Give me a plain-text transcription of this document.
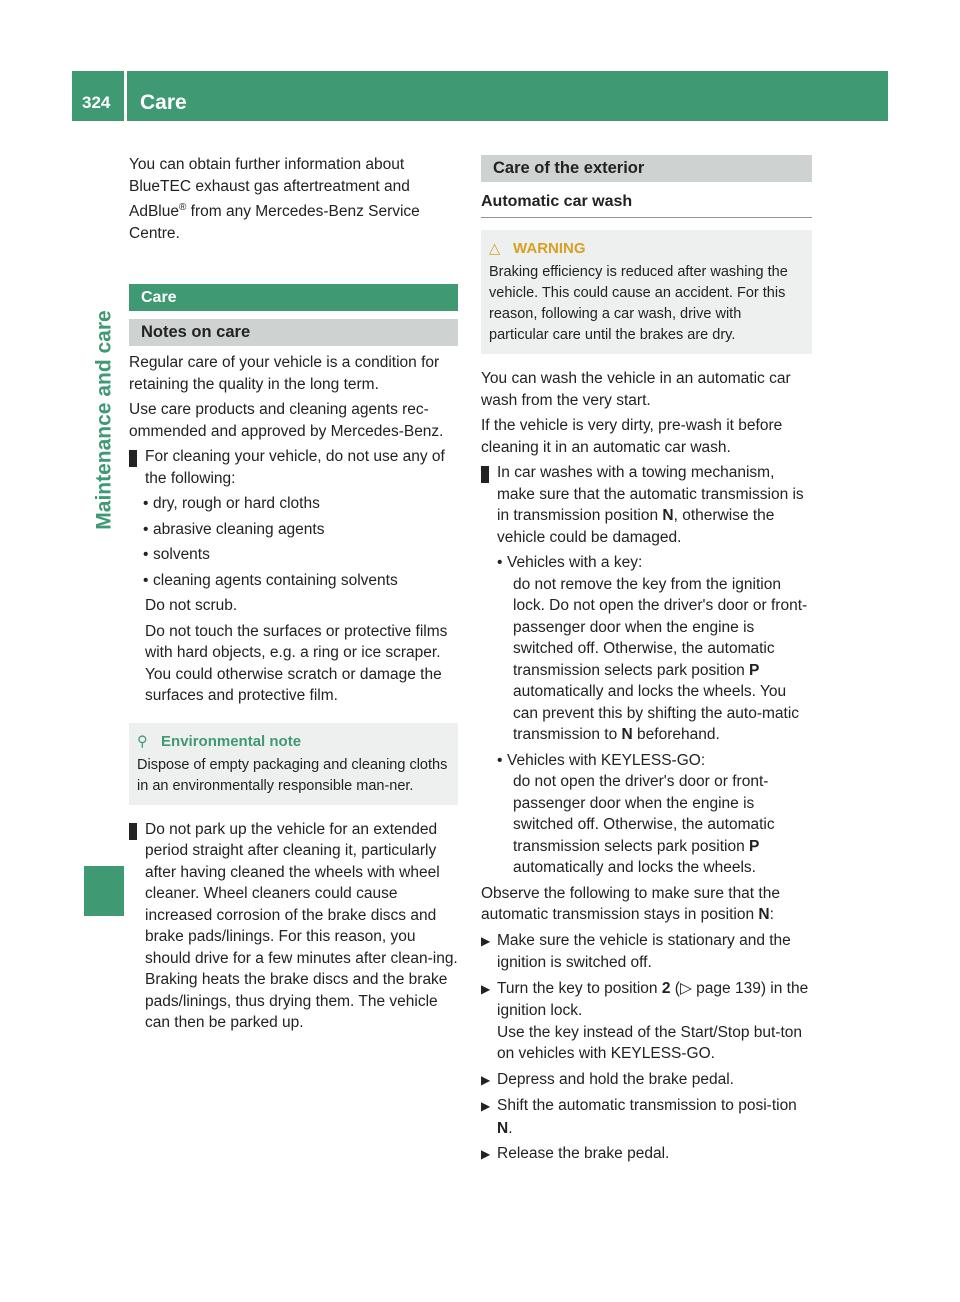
324 Care
Maintenance and care

You can obtain further information about BlueTEC exhaust gas aftertreatment and AdBlue® from any Mercedes-Benz Service Centre.

Care
Notes on care

Regular care of your vehicle is a condition for retaining the quality in the long term.

Use care products and cleaning agents rec-ommended and approved by Mercedes-Benz.

! For cleaning your vehicle, do not use any of the following:

• dry, rough or hard cloths
• abrasive cleaning agents
• solvents
• cleaning agents containing solvents

Do not scrub.

Do not touch the surfaces or protective films with hard objects, e.g. a ring or ice scraper. You could otherwise scratch or damage the surfaces and protective film.

⚲ Environmental note
Dispose of empty packaging and cleaning cloths in an environmentally responsible man-ner.

! Do not park up the vehicle for an extended period straight after cleaning it, particularly after having cleaned the wheels with wheel cleaner. Wheel cleaners could cause increased corrosion of the brake discs and brake pads/linings. For this reason, you should drive for a few minutes after clean-ing. Braking heats the brake discs and the brake pads/linings, thus drying them. The vehicle can then be parked up.

Care of the exterior
Automatic car wash
△ WARNING
Braking efficiency is reduced after washing the vehicle. This could cause an accident. For this reason, following a car wash, drive with particular care until the brakes are dry.

You can wash the vehicle in an automatic car wash from the very start.

If the vehicle is very dirty, pre-wash it before cleaning it in an automatic car wash.

! In car washes with a towing mechanism, make sure that the automatic transmission is in transmission position N, otherwise the vehicle could be damaged.

• Vehicles with a key:
do not remove the key from the ignition lock. Do not open the driver's door or front-passenger door when the engine is switched off. Otherwise, the automatic transmission selects park position P automatically and locks the wheels. You can prevent this by shifting the auto-matic transmission to N beforehand.
• Vehicles with KEYLESS-GO:
do not open the driver's door or front-passenger door when the engine is switched off. Otherwise, the automatic transmission selects park position P automatically and locks the wheels.

Observe the following to make sure that the automatic transmission stays in position N:

▶ Make sure the vehicle is stationary and the ignition is switched off.
▶ Turn the key to position 2 (▷ page 139) in the ignition lock.
Use the key instead of the Start/Stop but-ton on vehicles with KEYLESS-GO.
▶ Depress and hold the brake pedal.
▶ Shift the automatic transmission to posi-tion N.
▶ Release the brake pedal.
